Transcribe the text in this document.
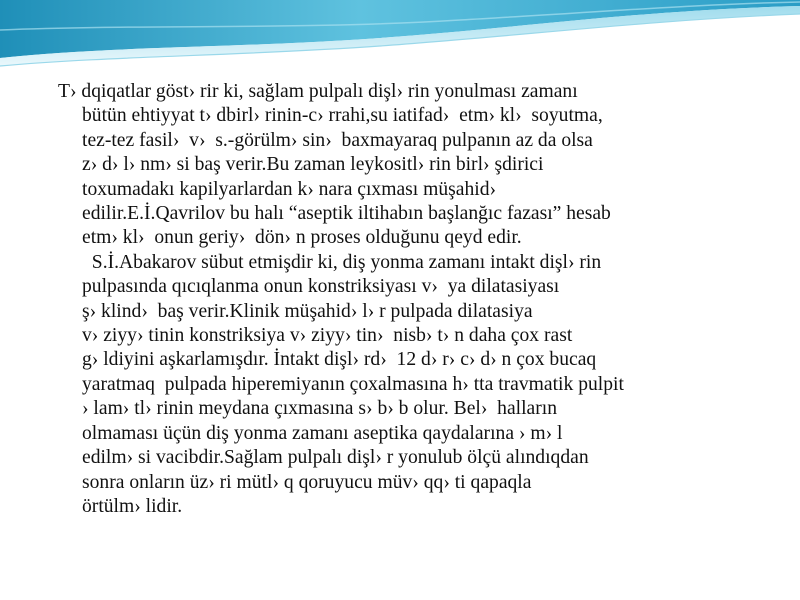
T› dqiqatlar göst› rir ki, sağlam pulpalı dişl› rin yonulması zamanı
bütün ehtiyyat t› dbirl› rinin-c› rrahi,su iatifad›  etm› kl›  soyutma,
tez-tez fasil›  v›  s.-görülm› sin›  baxmayaraq pulpanın az da olsa
z› d› l› nm› si baş verir.Bu zaman leykositl› rin birl› şdirici
toxumadakı kapilyarlardan k› nara çıxması müşahid›
edilir.E.İ.Qavrilov bu halı “aseptik iltihabın başlanğıc fazası” hesab
etm› kl›  onun geriy›  dön› n proses olduğunu qeyd edir.
S.İ.Abakarov sübut etmişdir ki, diş yonma zamanı intakt dişl› rin
pulpasında qıcıqlanma onun konstriksiyası v›  ya dilatasiyası
ş› klind›  baş verir.Klinik müşahid› l› r pulpada dilatasiya
v› ziyy› tinin konstriksiya v› ziyy› tin›  nisb› t› n daha çox rast
g› ldiyini aşkarlamışdır. İntakt dişl› rd›  12 d› r› c› d› n çox bucaq
yaratmaq  pulpada hiperemiyanın çoxalmasına h› tta travmatik pulpit
› lam› tl› rinin meydana çıxmasına s› b› b olur. Bel›  halların
olmaması üçün diş yonma zamanı aseptika qaydalarına › m› l
edilm› si vacibdir.Sağlam pulpalı dişl› r yonulub ölçü alındıqdan
sonra onların üz› ri mütl› q qoruyucu müv› qq› ti qapaqla
örtülm› lidir.
